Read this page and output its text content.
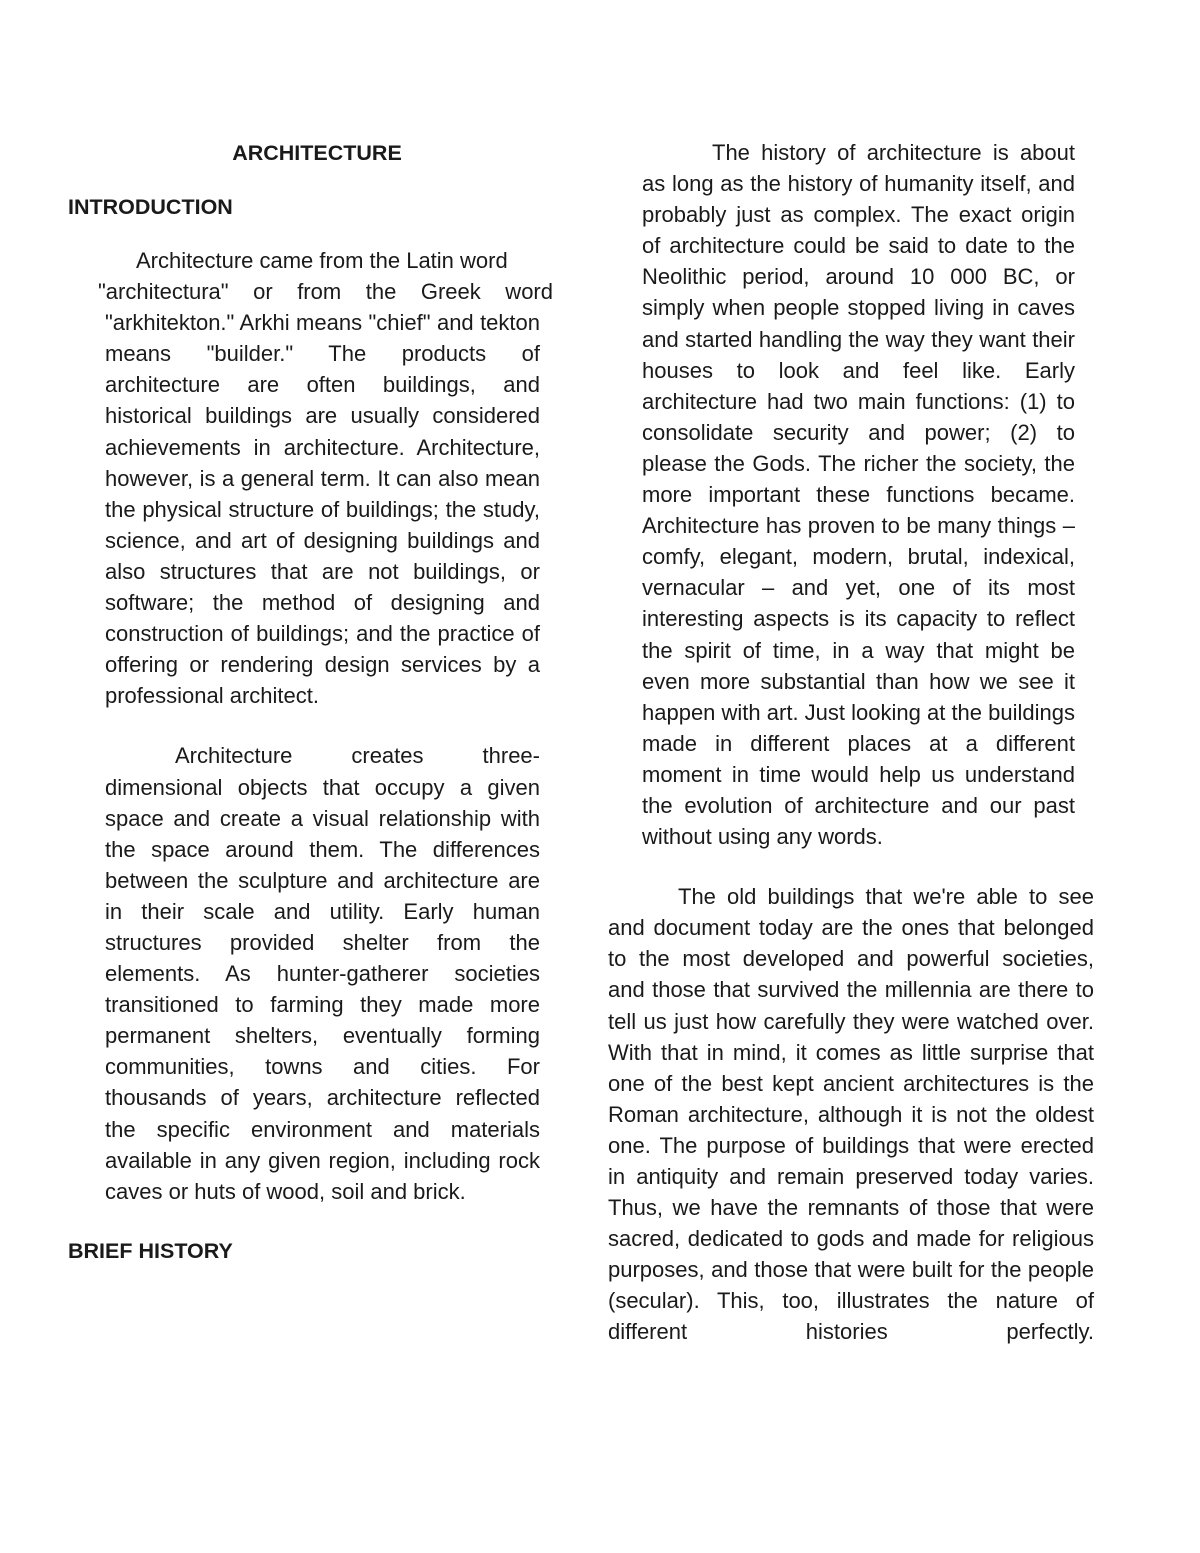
ARCHITECTURE
INTRODUCTION
Architecture came from the Latin word
"architectura" or from the Greek word

"arkhitekton." Arkhi means "chief" and tekton means "builder." The products of architecture are often buildings, and historical buildings are usually considered achievements in architecture. Architecture, however, is a general term. It can also mean the physical structure of buildings; the study, science, and art of designing buildings and also structures that are not buildings, or software; the method of designing and construction of buildings; and the practice of offering or rendering design services by a professional architect.

Architecture creates three-dimensional objects that occupy a given space and create a visual relationship with the space around them. The differences between the sculpture and architecture are in their scale and utility. Early human structures provided shelter from the elements. As hunter-gatherer societies transitioned to farming they made more permanent shelters, eventually forming communities, towns and cities. For thousands of years, architecture reflected the specific environment and materials available in any given region, including rock caves or huts of wood, soil and brick.

BRIEF HISTORY

The history of architecture is about as long as the history of humanity itself, and probably just as complex. The exact origin of architecture could be said to date to the Neolithic period, around 10 000 BC, or simply when people stopped living in caves and started handling the way they want their houses to look and feel like. Early architecture had two main functions: (1) to consolidate security and power; (2) to please the Gods. The richer the society, the more important these functions became. Architecture has proven to be many things – comfy, elegant, modern, brutal, indexical, vernacular – and yet, one of its most interesting aspects is its capacity to reflect the spirit of time, in a way that might be even more substantial than how we see it happen with art. Just looking at the buildings made in different places at a different moment in time would help us understand the evolution of architecture and our past without using any words.

The old buildings that we're able to see and document today are the ones that belonged to the most developed and powerful societies, and those that survived the millennia are there to tell us just how carefully they were watched over. With that in mind, it comes as little surprise that one of the best kept ancient architectures is the Roman architecture, although it is not the oldest one. The purpose of buildings that were erected in antiquity and remain preserved today varies. Thus, we have the remnants of those that were sacred, dedicated to gods and made for religious purposes, and those that were built for the people (secular). This, too, illustrates the nature of different histories perfectly.
